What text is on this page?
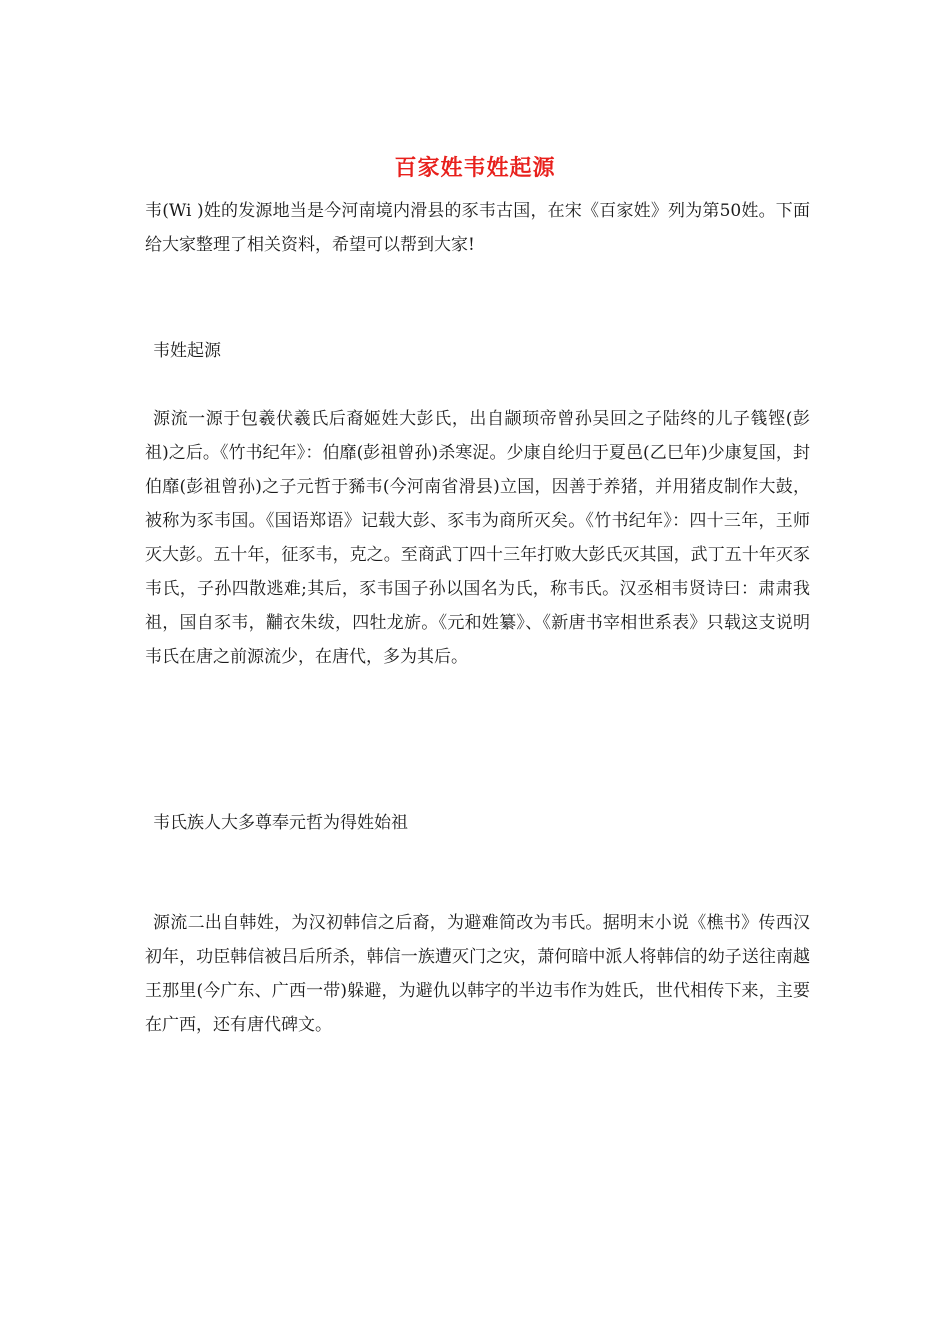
百家姓韦姓起源

韦(Wi )姓的发源地当是今河南境内滑县的豕韦古国，在宋《百家姓》列为第50姓。下面给大家整理了相关资料，希望可以帮到大家!

韦姓起源

源流一源于包羲伏羲氏后裔姬姓大彭氏，出自颛顼帝曾孙吴回之子陆终的儿子篯铿(彭祖)之后。《竹书纪年》：伯靡(彭祖曾孙)杀寒浞。少康自纶归于夏邑(乙巳年)少康复国，封伯靡(彭祖曾孙)之子元哲于豨韦(今河南省滑县)立国，因善于养猪，并用猪皮制作大鼓，被称为豕韦国。《国语郑语》记载大彭、豕韦为商所灭矣。《竹书纪年》：四十三年，王师灭大彭。五十年，征豕韦，克之。至商武丁四十三年打败大彭氏灭其国，武丁五十年灭豕韦氏，子孙四散逃难;其后，豕韦国子孙以国名为氏，称韦氏。汉丞相韦贤诗曰：肃肃我祖，国自豕韦，黼衣朱绂，四牡龙旂。《元和姓纂》、《新唐书宰相世系表》只载这支说明韦氏在唐之前源流少，在唐代，多为其后。

韦氏族人大多尊奉元哲为得姓始祖

源流二出自韩姓，为汉初韩信之后裔，为避难简改为韦氏。据明末小说《樵书》传西汉初年，功臣韩信被吕后所杀，韩信一族遭灭门之灾，萧何暗中派人将韩信的幼子送往南越王那里(今广东、广西一带)躲避，为避仇以韩字的半边韦作为姓氏，世代相传下来，主要在广西，还有唐代碑文。
